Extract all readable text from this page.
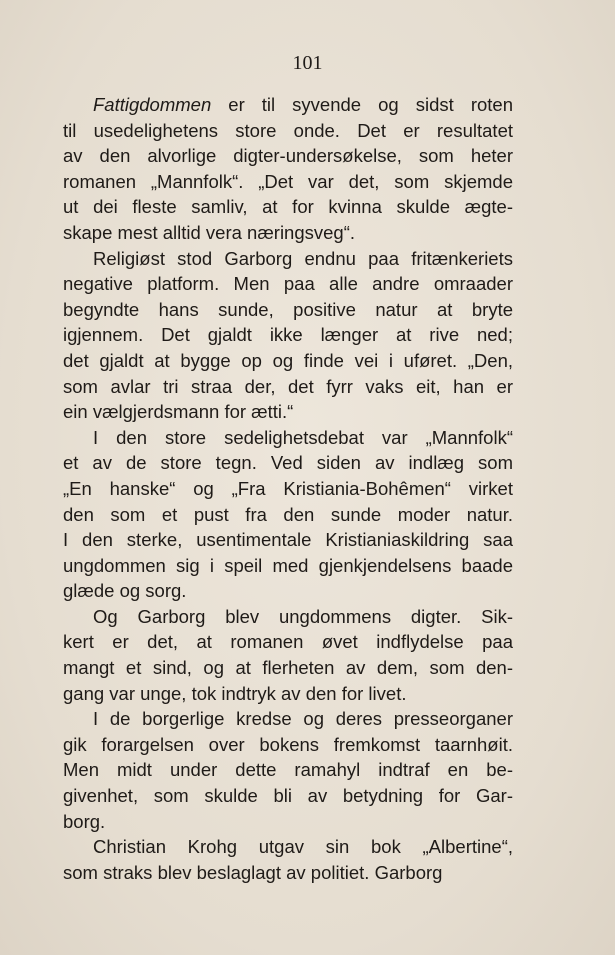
101

Fattigdommen er til syvende og sidst roten
til usedelighetens store onde. Det er resultatet
av den alvorlige digter-undersøkelse, som heter
romanen „Mannfolk“. „Det var det, som skjemde
ut dei fleste samliv, at for kvinna skulde ægte-
skape mest alltid vera næringsveg“.
Religiøst stod Garborg endnu paa fritænkeriets
negative platform. Men paa alle andre omraader
begyndte hans sunde, positive natur at bryte
igjennem. Det gjaldt ikke længer at rive ned;
det gjaldt at bygge op og finde vei i uføret. „Den,
som avlar tri straa der, det fyrr vaks eit, han er
ein vælgjerdsmann for ætti.“
I den store sedelighetsdebat var „Mannfolk“
et av de store tegn. Ved siden av indlæg som
„En hanske“ og „Fra Kristiania-Bohêmen“ virket
den som et pust fra den sunde moder natur.
I den sterke, usentimentale Kristianiaskildring saa
ungdommen sig i speil med gjenkjendelsens baade
glæde og sorg.
Og Garborg blev ungdommens digter. Sik-
kert er det, at romanen øvet indflydelse paa
mangt et sind, og at flerheten av dem, som den-
gang var unge, tok indtryk av den for livet.
I de borgerlige kredse og deres presseorganer
gik forargelsen over bokens fremkomst taarnhøit.
Men midt under dette ramahyl indtraf en be-
givenhet, som skulde bli av betydning for Gar-
borg.
Christian Krohg utgav sin bok „Albertine“,
som straks blev beslaglagt av politiet. Garborg
